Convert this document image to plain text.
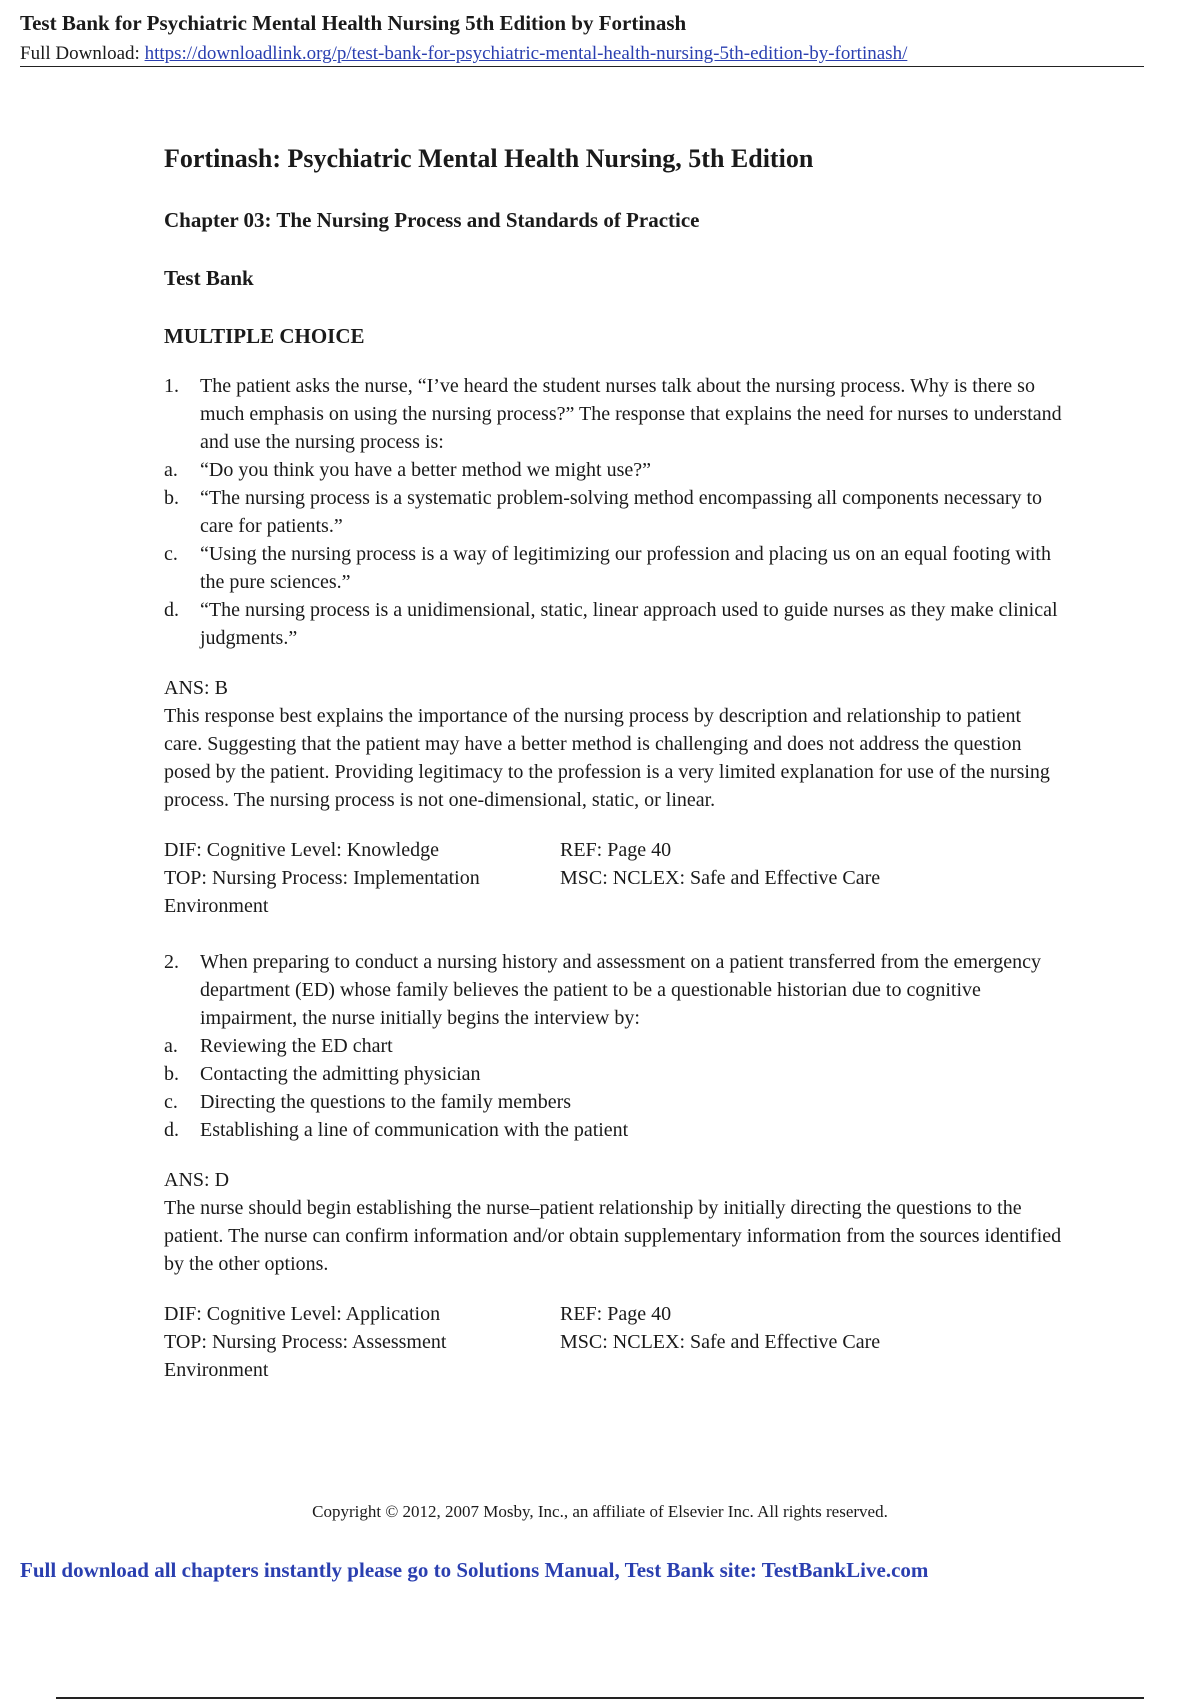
Test Bank for Psychiatric Mental Health Nursing 5th Edition by Fortinash
Full Download: https://downloadlink.org/p/test-bank-for-psychiatric-mental-health-nursing-5th-edition-by-fortinash/
Fortinash: Psychiatric Mental Health Nursing, 5th Edition
Chapter 03: The Nursing Process and Standards of Practice
Test Bank
MULTIPLE CHOICE
1.	The patient asks the nurse, “I’ve heard the student nurses talk about the nursing process. Why is there so much emphasis on using the nursing process?” The response that explains the need for nurses to understand and use the nursing process is:
a.	“Do you think you have a better method we might use?”
b.	“The nursing process is a systematic problem-solving method encompassing all components necessary to care for patients.”
c.	“Using the nursing process is a way of legitimizing our profession and placing us on an equal footing with the pure sciences.”
d.	“The nursing process is a unidimensional, static, linear approach used to guide nurses as they make clinical judgments.”
ANS: B
This response best explains the importance of the nursing process by description and relationship to patient care. Suggesting that the patient may have a better method is challenging and does not address the question posed by the patient. Providing legitimacy to the profession is a very limited explanation for use of the nursing process. The nursing process is not one-dimensional, static, or linear.
DIF: Cognitive Level: Knowledge	REF: Page 40
TOP: Nursing Process: Implementation	MSC: NCLEX: Safe and Effective Care
Environment
2.	When preparing to conduct a nursing history and assessment on a patient transferred from the emergency department (ED) whose family believes the patient to be a questionable historian due to cognitive impairment, the nurse initially begins the interview by:
a.	Reviewing the ED chart
b.	Contacting the admitting physician
c.	Directing the questions to the family members
d.	Establishing a line of communication with the patient
ANS: D
The nurse should begin establishing the nurse–patient relationship by initially directing the questions to the patient. The nurse can confirm information and/or obtain supplementary information from the sources identified by the other options.
DIF: Cognitive Level: Application	REF: Page 40
TOP: Nursing Process: Assessment	MSC: NCLEX: Safe and Effective Care
Environment
Copyright © 2012, 2007 Mosby, Inc., an affiliate of Elsevier Inc. All rights reserved.
Full download all chapters instantly please go to Solutions Manual, Test Bank site: TestBankLive.com
